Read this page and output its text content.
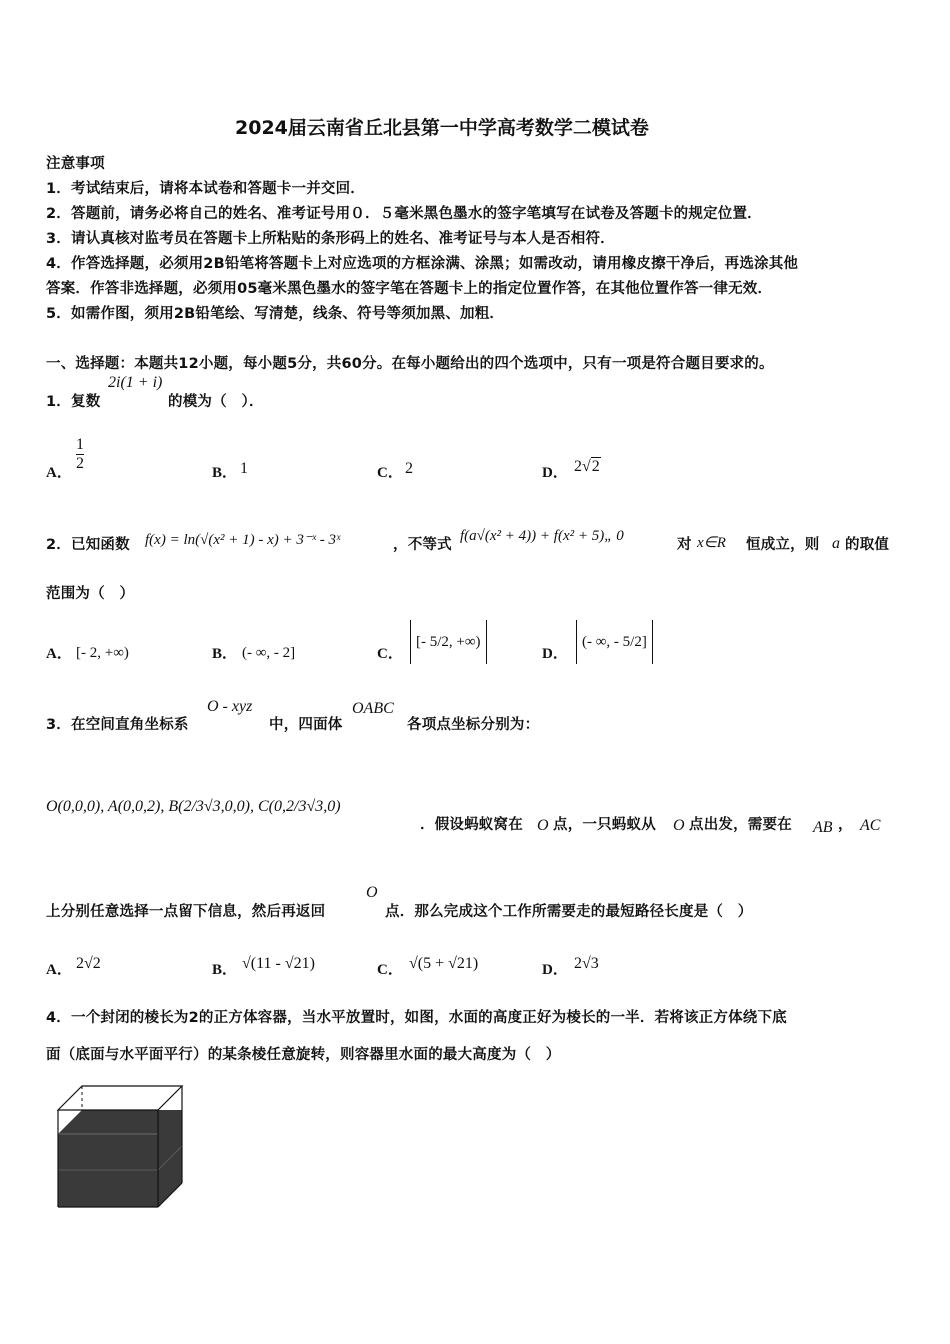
2024届云南省丘北县第一中学高考数学二模试卷
注意事项
1．考试结束后，请将本试卷和答题卡一并交回．
2．答题前，请务必将自己的姓名、准考证号用０．５毫米黑色墨水的签字笔填写在试卷及答题卡的规定位置．
3．请认真核对监考员在答题卡上所粘贴的条形码上的姓名、准考证号与本人是否相符．
4．作答选择题，必须用2B铅笔将答题卡上对应选项的方框涂满、涂黑；如需改动，请用橡皮擦干净后，再选涂其他
答案．作答非选择题，必须用05毫米黑色墨水的签字笔在答题卡上的指定位置作答，在其他位置作答一律无效．
5．如需作图，须用2B铅笔绘、写清楚，线条、符号等须加黑、加粗．
一、选择题：本题共12小题，每小题5分，共60分。在每小题给出的四个选项中，只有一项是符合题目要求的。
1．复数
2i(1 + i)
的模为（　）．
A．
1
2
B． 1	C． 2	D． 2√2
2．已知函数 f(x) = ln(√(x² + 1) - x) + 3⁻ˣ - 3ˣ	，不等式
f(a√(x² + 4)) + f(x² + 5)„ 0
对 x∈R 恒成立，则 a 的取值
范围为（　）
A． [- 2, +∞)	B． (- ∞, - 2]	C．
[- 5/2, +∞)
D．
(- ∞, - 5/2]
3．在空间直角坐标系
O - xyz
中，四面体
OABC
各项点坐标分别为：
O(0,0,0), A(0,0,2), B(2/3√3,0,0), C(0,2/3√3,0)
．假设蚂蚁窝在 O 点，一只蚂蚁从 O 点出发，需要在 AB ， AC
上分别任意选择一点留下信息，然后再返回
O
点．那么完成这个工作所需要走的最短路径长度是（　）
A． 2√2	B． √(11 - √21)	C． √(5 + √21)	D． 2√3
4．一个封闭的棱长为2的正方体容器，当水平放置时，如图，水面的高度正好为棱长的一半．若将该正方体绕下底
面（底面与水平面平行）的某条棱任意旋转，则容器里水面的最大高度为（　）
